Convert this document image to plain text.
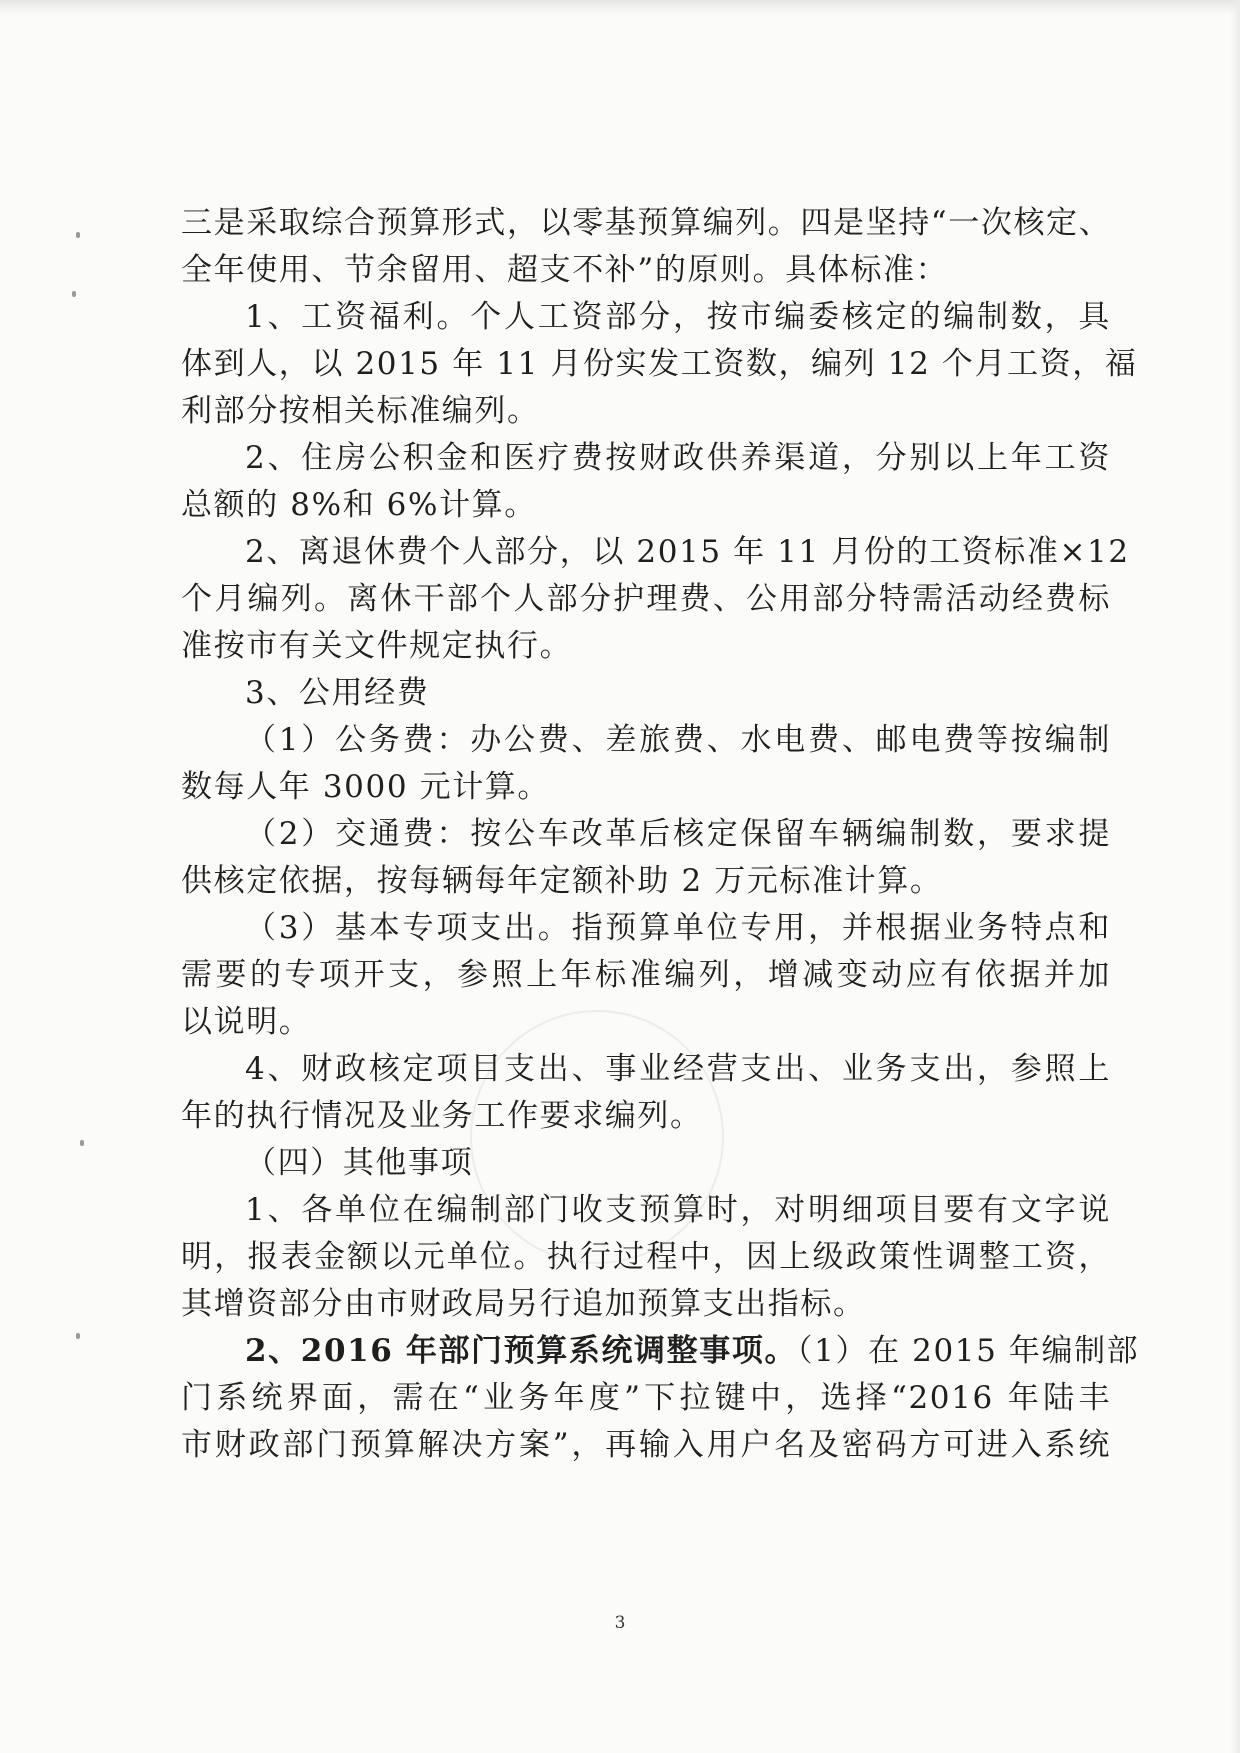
三是采取综合预算形式，以零基预算编列。四是坚持“一次核定、
全年使用、节余留用、超支不补”的原则。具体标准：
1、工资福利。个人工资部分，按市编委核定的编制数，具
体到人，以 2015 年 11 月份实发工资数，编列 12 个月工资，福
利部分按相关标准编列。
2、住房公积金和医疗费按财政供养渠道，分别以上年工资
总额的 8%和 6%计算。
2、离退休费个人部分，以 2015 年 11 月份的工资标准×12
个月编列。离休干部个人部分护理费、公用部分特需活动经费标
准按市有关文件规定执行。
3、公用经费
（1）公务费：办公费、差旅费、水电费、邮电费等按编制
数每人年 3000 元计算。
（2）交通费：按公车改革后核定保留车辆编制数，要求提
供核定依据，按每辆每年定额补助 2 万元标准计算。
（3）基本专项支出。指预算单位专用，并根据业务特点和
需要的专项开支，参照上年标准编列，增减变动应有依据并加
以说明。
4、财政核定项目支出、事业经营支出、业务支出，参照上
年的执行情况及业务工作要求编列。
（四）其他事项
1、各单位在编制部门收支预算时，对明细项目要有文字说
明，报表金额以元单位。执行过程中，因上级政策性调整工资，
其增资部分由市财政局另行追加预算支出指标。
2、2016 年部门预算系统调整事项。（1）在 2015 年编制部
门系统界面，需在“业务年度”下拉键中，选择“2016 年陆丰
市财政部门预算解决方案”，再输入用户名及密码方可进入系统
3
